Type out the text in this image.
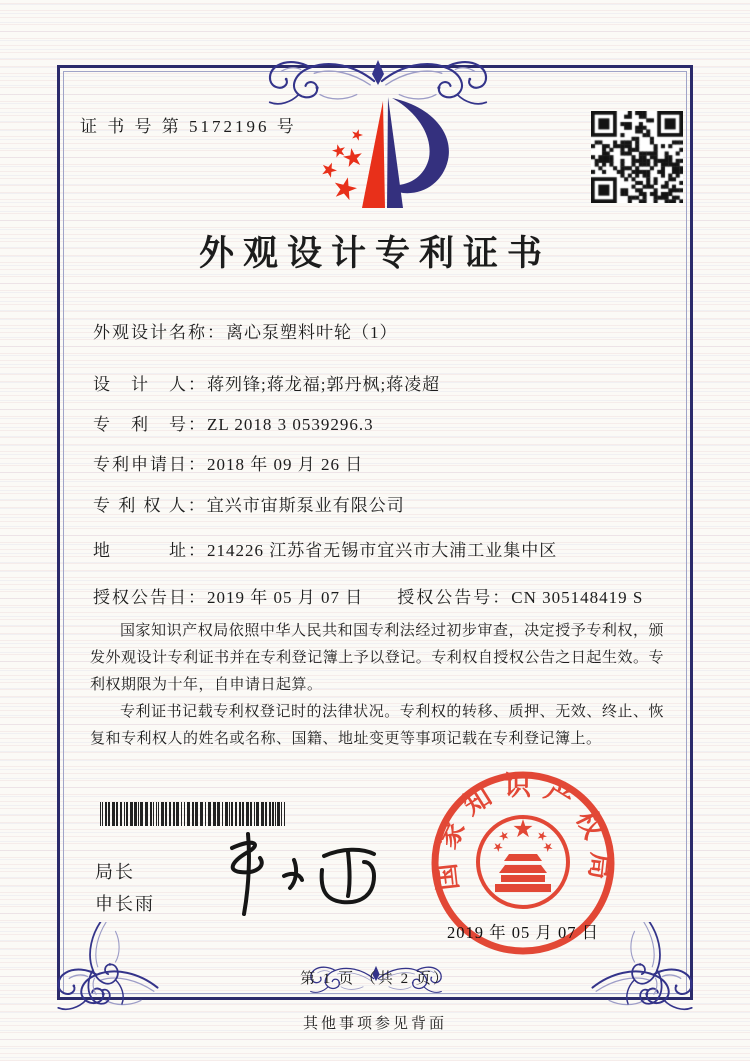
证 书 号 第 5172196 号
外观设计专利证书
外观设计名称：离心泵塑料叶轮（1）
设　计　人：蒋列锋;蒋龙福;郭丹枫;蒋凌超
专　利　号：ZL 2018 3 0539296.3
专利申请日：2018 年 09 月 26 日
专 利 权 人：宜兴市宙斯泵业有限公司
地　　　址：214226 江苏省无锡市宜兴市大浦工业集中区
授权公告日：2019 年 05 月 07 日 授权公告号：CN 305148419 S

国家知识产权局依照中华人民共和国专利法经过初步审查，决定授予专利权，颁发外观设计专利证书并在专利登记簿上予以登记。专利权自授权公告之日起生效。专利权期限为十年，自申请日起算。

专利证书记载专利权登记时的法律状况。专利权的转移、质押、无效、终止、恢复和专利权人的姓名或名称、国籍、地址变更等事项记载在专利登记簿上。

局长
申长雨
国家知识产权局
2019 年 05 月 07 日
第 1 页 （共 2 页）
其他事项参见背面
